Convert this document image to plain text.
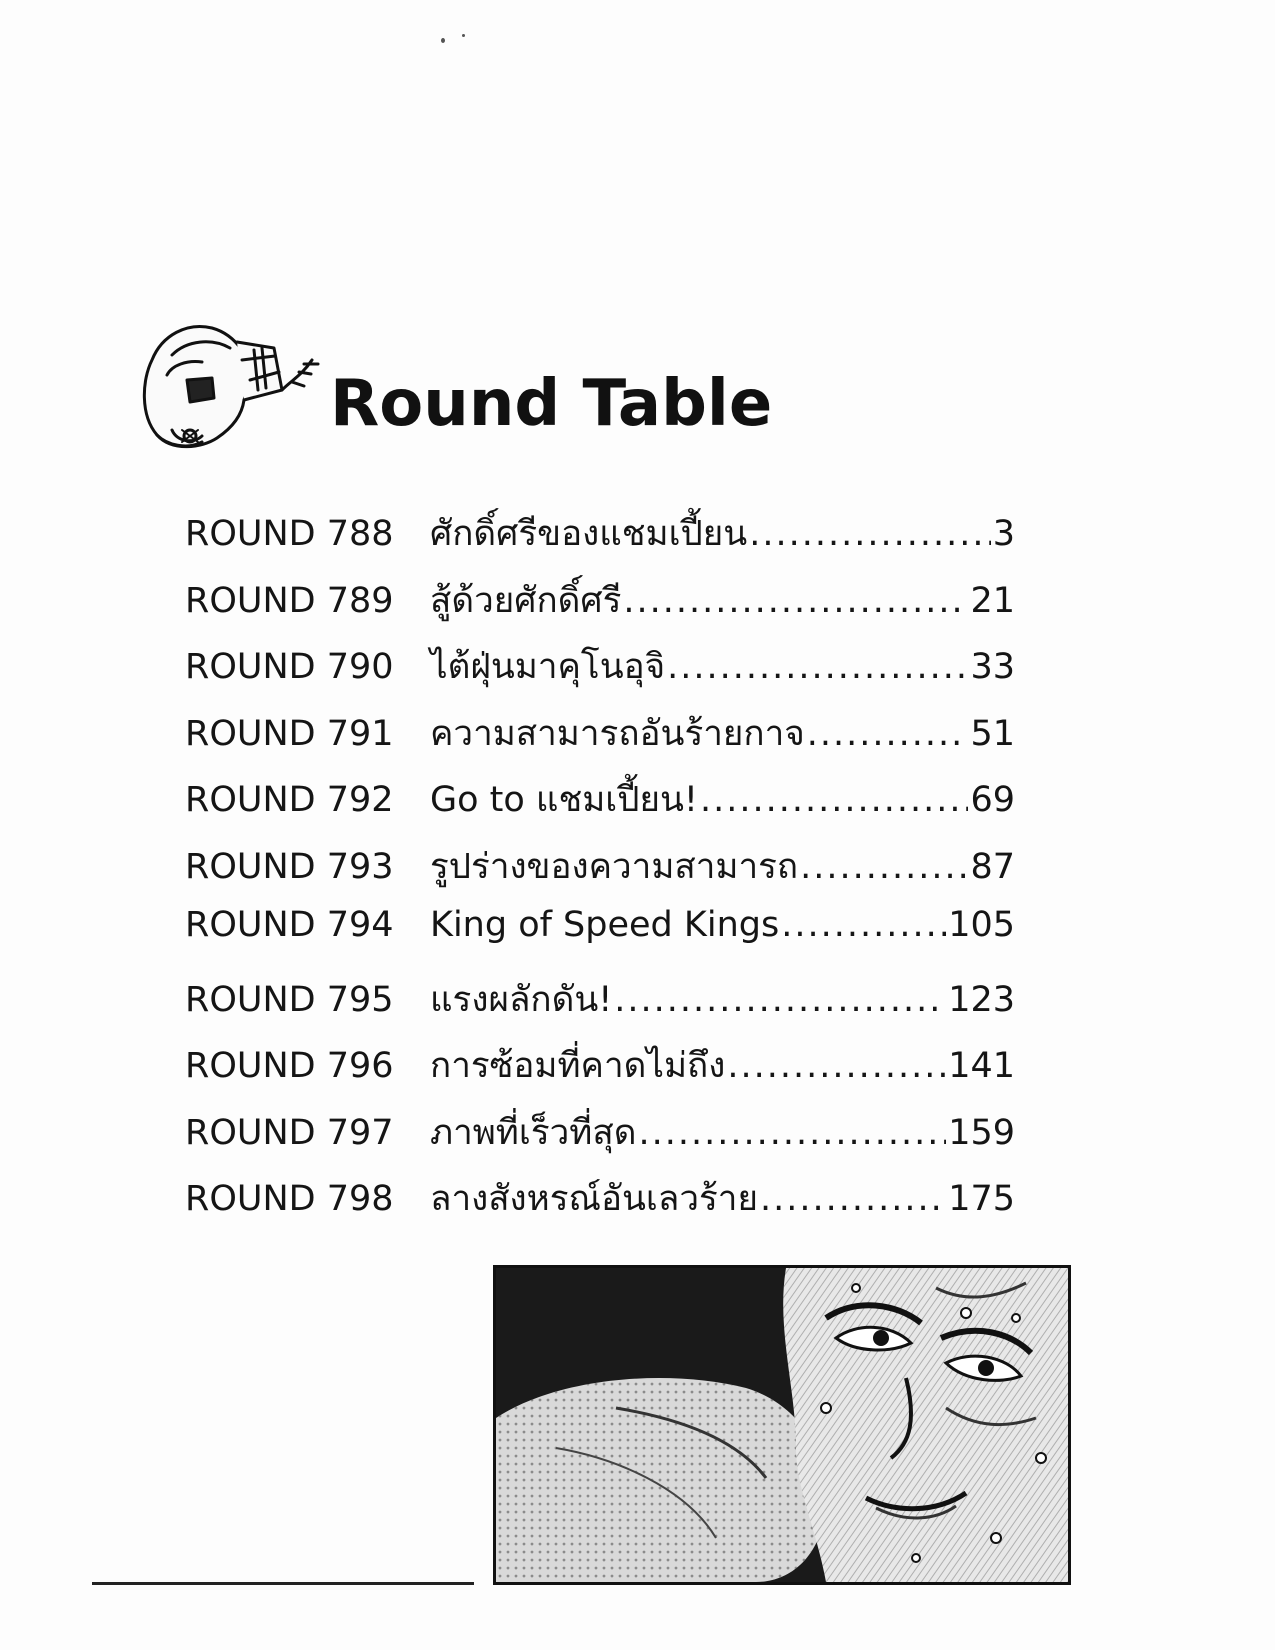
Round Table
ROUND 788	ศักดิ์ศรีของแชมเปี้ยน .....	3
ROUND 789	สู้ด้วยศักดิ์ศรี .....	21
ROUND 790	ไต้ฝุ่นมาคุโนอุจิ .....	33
ROUND 791	ความสามารถอันร้ายกาจ .....	51
ROUND 792	Go to แชมเปี้ยน! .....	69
ROUND 793	รูปร่างของความสามารถ .....	87
ROUND 794	King of Speed Kings .....	105
ROUND 795	แรงผลักดัน! .....	123
ROUND 796	การซ้อมที่คาดไม่ถึง .....	141
ROUND 797	ภาพที่เร็วที่สุด .....	159
ROUND 798	ลางสังหรณ์อันเลวร้าย .....	175
